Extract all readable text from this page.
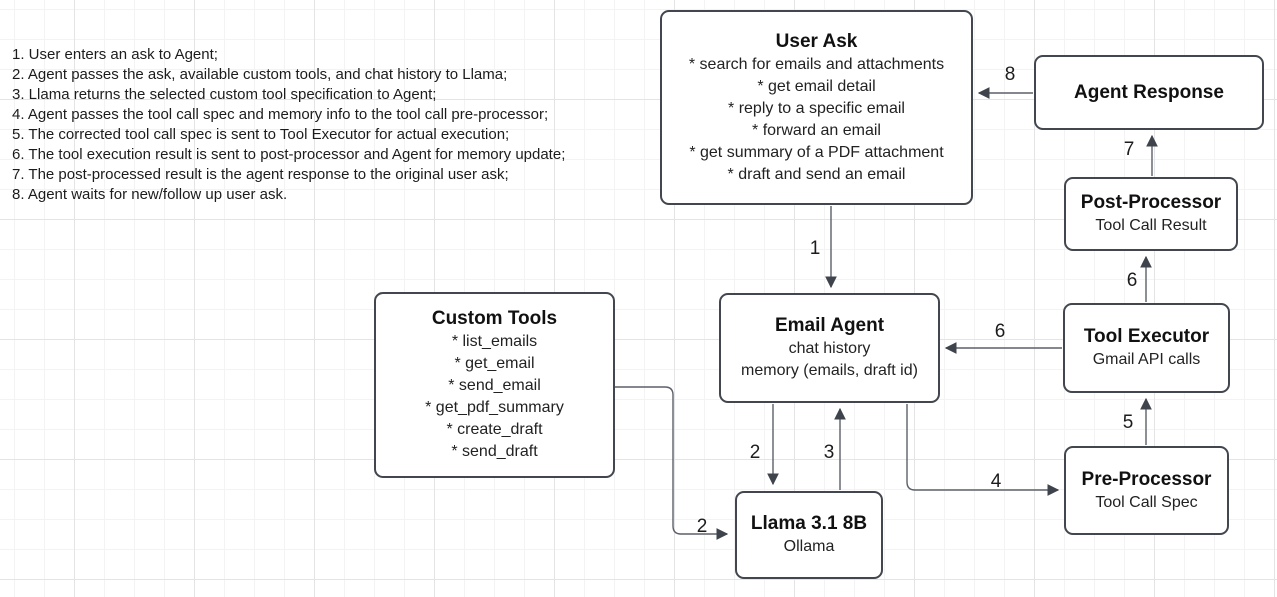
1
2
2	3
4
5
6
6
7
8
1. User enters an ask to Agent;
2. Agent passes the ask, available custom tools, and chat history to Llama;
3. Llama returns the selected custom tool specification to Agent;
4. Agent passes the tool call spec and memory info to the tool call pre-processor;
5. The corrected tool call spec is sent to Tool Executor for actual execution;
6. The tool execution result is sent to post-processor and Agent for memory update;
7. The post-processed result is the agent response to the original user ask;
8. Agent waits for new/follow up user ask.
User Ask
* search for emails and attachments
* get email detail
* reply to a specific email
* forward an email
* get summary of a PDF attachment
* draft and send an email
Agent Response
Post-Processor
Tool Call Result
Tool Executor
Gmail API calls
Pre-Processor
Tool Call Spec
Email Agent
chat history
memory (emails, draft id)
Custom Tools
* list_emails
* get_email
* send_email
* get_pdf_summary
* create_draft
* send_draft
Llama 3.1 8B
Ollama
